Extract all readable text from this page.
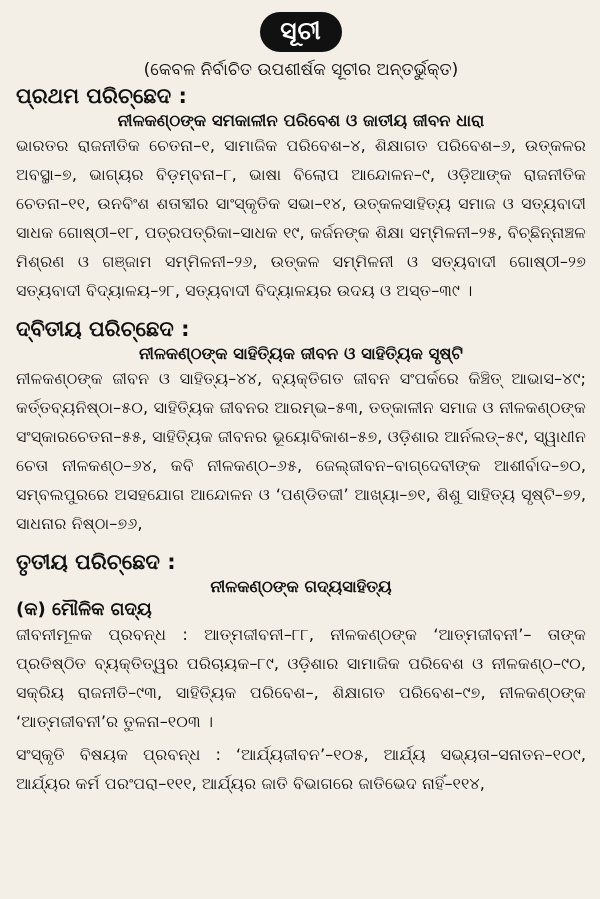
ସୂଚୀ
(କେବଳ ନିର୍ବାଚିତ ଉପଶୀର୍ଷକ ସୂଚୀର ଅନ୍ତର୍ଭୁକ୍ତ)
ପ୍ରଥମ ପରିଚ୍ଛେଦ :
ନୀଳକଣ୍ଠଙ୍କ ସମକାଳୀନ ପରିବେଶ ଓ ଜାତୀୟ ଜୀବନ ଧାରା
ଭାରତର ରାଜନୀତିକ ଚେତନା–୧, ସାମାଜିକ ପରିବେଶ–୪, ଶିକ୍ଷାଗତ ପରିବେଶ–୬, ଉତ୍କଳର ଅବସ୍ଥା–୭, ଭାଗ୍ୟର ବିଡ଼ମ୍ବନା–୮, ଭାଷା ବିଲୋପ ଆନ୍ଦୋଳନ–୯, ଓଡ଼ିଆଙ୍କ ରାଜନୀତିକ ଚେତନା–୧୧, ଉନବିଂଶ ଶତାବ୍ଦୀର ସାଂସ୍କୃତିକ ସଭା–୧୪, ଉତ୍କଳସାହିତ୍ୟ ସମାଜ ଓ ସତ୍ୟବାଦୀ ସାଧକ ଗୋଷ୍ଠୀ–୧୮, ପତ୍ରପତ୍ରିକା–ସାଧକ ୧୯, କର୍ଜନଙ୍କ ଶିକ୍ଷା ସମ୍ମିଳନୀ–୨୫, ବିଚ୍ଛିନ୍ନାଞ୍ଚଳ ମିଶ୍ରଣ ଓ ଗଞ୍ଜାମ ସମ୍ମିଳନୀ–୨୬, ଉତ୍କଳ ସମ୍ମିଳନୀ ଓ ସତ୍ୟବାଦୀ ଗୋଷ୍ଠୀ–୨୭ ସତ୍ୟବାଦୀ ବିଦ୍ୟାଳୟ–୨୮, ସତ୍ୟବାଦୀ ବିଦ୍ୟାଳୟର ଉଦୟ ଓ ଅସ୍ତ–୩୯ ।
ଦ୍ବିତୀୟ ପରିଚ୍ଛେଦ :
ନୀଳକଣ୍ଠଙ୍କ ସାହିତ୍ୟିକ ଜୀବନ ଓ ସାହିତ୍ୟିକ ସୃଷ୍ଟି
ନୀଳକଣ୍ଠଙ୍କ ଜୀବନ ଓ ସାହିତ୍ୟ–୪୪, ବ୍ୟକ୍ତିଗତ ଜୀବନ ସଂପର୍କରେ କିଞ୍ଚିତ୍ ଆଭାସ–୪୯; କର୍ତ୍ତବ୍ୟନିଷ୍ଠା–୫୦, ସାହିତ୍ୟିକ ଜୀବନର ଆରମ୍ଭ–୫୩, ତତ୍କାଳୀନ ସମାଜ ଓ ନୀଳକଣ୍ଠଙ୍କ ସଂସ୍କାରଚେତନା–୫୫, ସାହିତ୍ୟିକ ଜୀବନର ଭୂୟୋବିକାଶ–୫୭, ଓଡ଼ିଶାର ଆର୍ନଲଡ୍–୫୯, ସ୍ୱାଧୀନ ଚେତା ନୀଳକଣ୍ଠ–୬୪, କବି ନୀଳକଣ୍ଠ–୬୫, ଜେଲ୍‌ଜୀବନ–ବାଗ୍‌ଦେବୀଙ୍କ ଆଶୀର୍ବାଦ–୭୦, ସମ୍ବଲପୁରରେ ଅସହଯୋଗ ଆନ୍ଦୋଳନ ଓ ‘ପଣ୍ଡିତଜୀ’ ଆଖ୍ୟା–୭୧, ଶିଶୁ ସାହିତ୍ୟ ସୃଷ୍ଟି–୭୨, ସାଧନାର ନିଷ୍ଠା–୭୬,
ତୃତୀୟ ପରିଚ୍ଛେଦ :
ନୀଳକଣ୍ଠଙ୍କ ଗଦ୍ୟସାହିତ୍ୟ
(କ) ମୌଳିକ ଗଦ୍ୟ
ଜୀବନୀମୂଳକ ପ୍ରବନ୍ଧ : ଆତ୍ମଜୀବନୀ–୮୮, ନୀଳକଣ୍ଠଙ୍କ ‘ଆତ୍ମଜୀବନୀ’– ତାଙ୍କ ପ୍ରତିଷ୍ଠିତ ବ୍ୟକ୍ତିତ୍ୱର ପରିଚାୟକ–୮୯, ଓଡ଼ିଶାର ସାମାଜିକ ପରିବେଶ ଓ ନୀଳକଣ୍ଠ–୯୦, ସକ୍ରିୟ ରାଜନୀତି–୯୩, ସାହିତ୍ୟିକ ପରିବେଶ–, ଶିକ୍ଷାଗତ ପରିବେଶ–୯୭, ନୀଳକଣ୍ଠଙ୍କ ‘ଆତ୍ମଜୀବନୀ’ର ତୁଳନା–୧୦୩ ।
ସଂସ୍କୃତି ବିଷୟକ ପ୍ରବନ୍ଧ : ‘ଆର୍ଯ୍ୟଜୀବନ’–୧୦୫, ଆର୍ଯ୍ୟ ସଭ୍ୟତା–ସନାତନ–୧୦୯, ଆର୍ଯ୍ୟର କର୍ମ ପରଂପରା–୧୧୧, ଆର୍ଯ୍ୟର ଜାତି ବିଭାଗରେ ଜାତିଭେଦ ନାହିଁ–୧୧୪,
